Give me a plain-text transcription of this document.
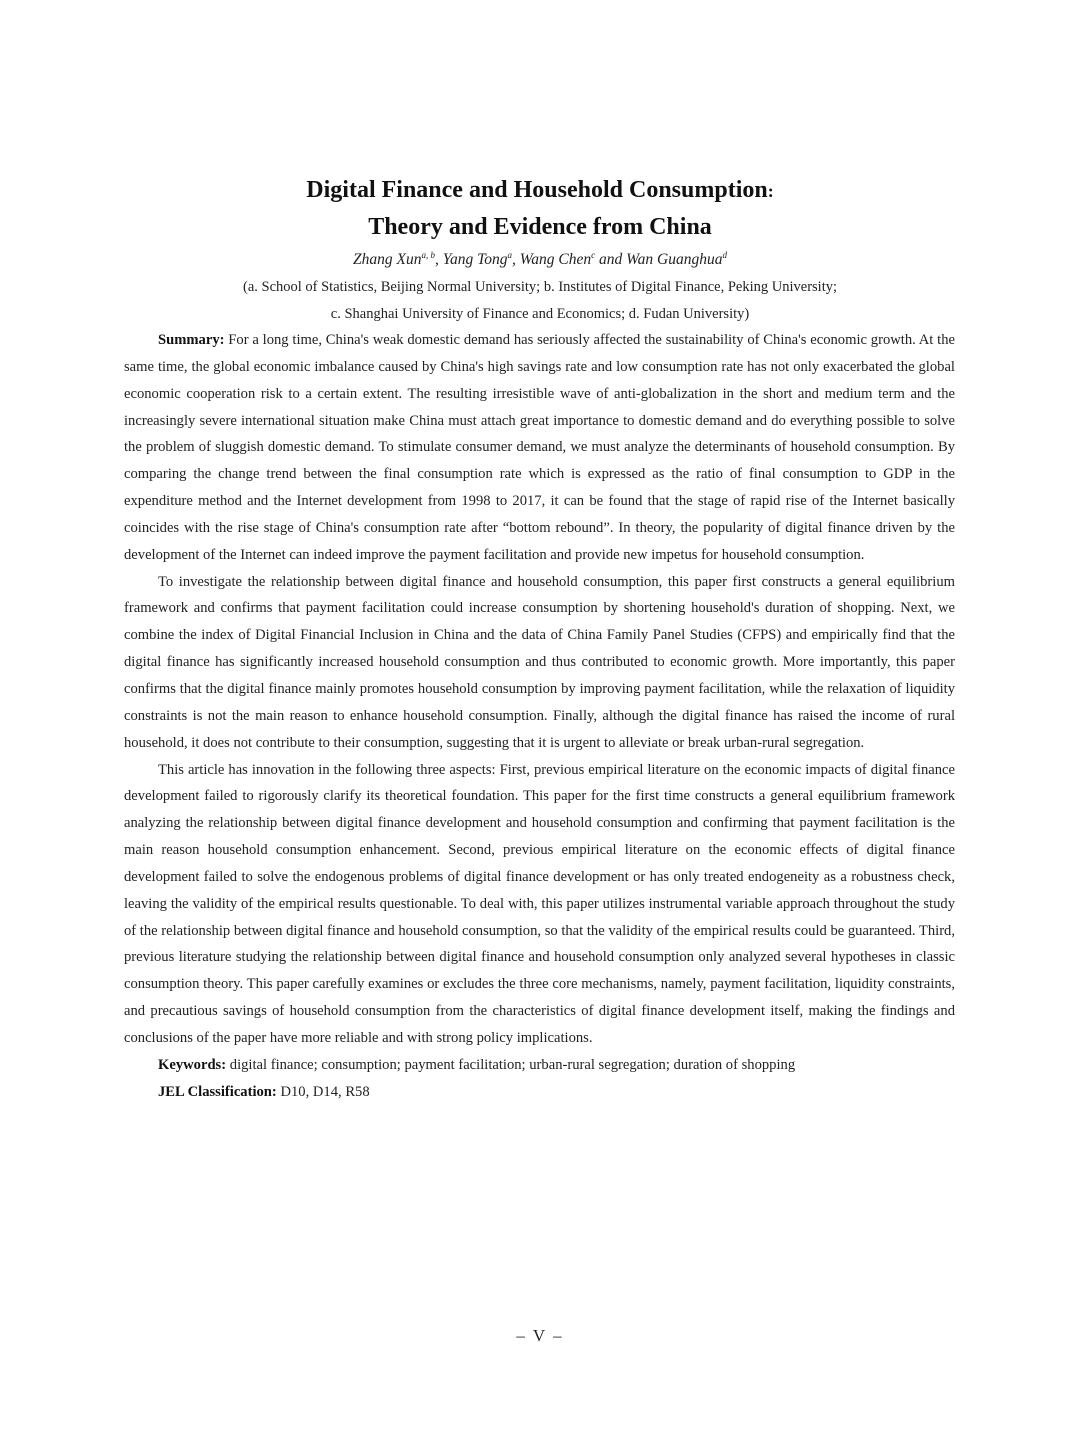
Digital Finance and Household Consumption:

Theory and Evidence from China

Zhang Xun$^{a, b}$, Yang Tong$^a$, Wang Chen$^c$ and Wan Guanghua$^d$

(a. School of Statistics, Beijing Normal University; b. Institutes of Digital Finance, Peking University;

c. Shanghai University of Finance and Economics; d. Fudan University)

Summary: For a long time, China's weak domestic demand has seriously affected the sustainability of China's economic growth. At the same time, the global economic imbalance caused by China's high savings rate and low consumption rate has not only exacerbated the global economic cooperation risk to a certain extent. The resulting irresistible wave of anti-globalization in the short and medium term and the increasingly severe international situation make China must attach great importance to domestic demand and do everything possible to solve the problem of sluggish domestic demand. To stimulate consumer demand, we must analyze the determinants of household consumption. By comparing the change trend between the final consumption rate which is expressed as the ratio of final consumption to GDP in the expenditure method and the Internet development from 1998 to 2017, it can be found that the stage of rapid rise of the Internet basically coincides with the rise stage of China's consumption rate after “bottom rebound”. In theory, the popularity of digital finance driven by the development of the Internet can indeed improve the payment facilitation and provide new impetus for household consumption.

To investigate the relationship between digital finance and household consumption, this paper first constructs a general equilibrium framework and confirms that payment facilitation could increase consumption by shortening household's duration of shopping. Next, we combine the index of Digital Financial Inclusion in China and the data of China Family Panel Studies (CFPS) and empirically find that the digital finance has significantly increased household consumption and thus contributed to economic growth. More importantly, this paper confirms that the digital finance mainly promotes household consumption by improving payment facilitation, while the relaxation of liquidity constraints is not the main reason to enhance household consumption. Finally, although the digital finance has raised the income of rural household, it does not contribute to their consumption, suggesting that it is urgent to alleviate or break urban-rural segregation.

This article has innovation in the following three aspects: First, previous empirical literature on the economic impacts of digital finance development failed to rigorously clarify its theoretical foundation. This paper for the first time constructs a general equilibrium framework analyzing the relationship between digital finance development and household consumption and confirming that payment facilitation is the main reason household consumption enhancement. Second, previous empirical literature on the economic effects of digital finance development failed to solve the endogenous problems of digital finance development or has only treated endogeneity as a robustness check, leaving the validity of the empirical results questionable. To deal with, this paper utilizes instrumental variable approach throughout the study of the relationship between digital finance and household consumption, so that the validity of the empirical results could be guaranteed. Third, previous literature studying the relationship between digital finance and household consumption only analyzed several hypotheses in classic consumption theory. This paper carefully examines or excludes the three core mechanisms, namely, payment facilitation, liquidity constraints, and precautious savings of household consumption from the characteristics of digital finance development itself, making the findings and conclusions of the paper have more reliable and with strong policy implications.

Keywords: digital finance; consumption; payment facilitation; urban-rural segregation; duration of shopping

JEL Classification: D10, D14, R58

– V –
